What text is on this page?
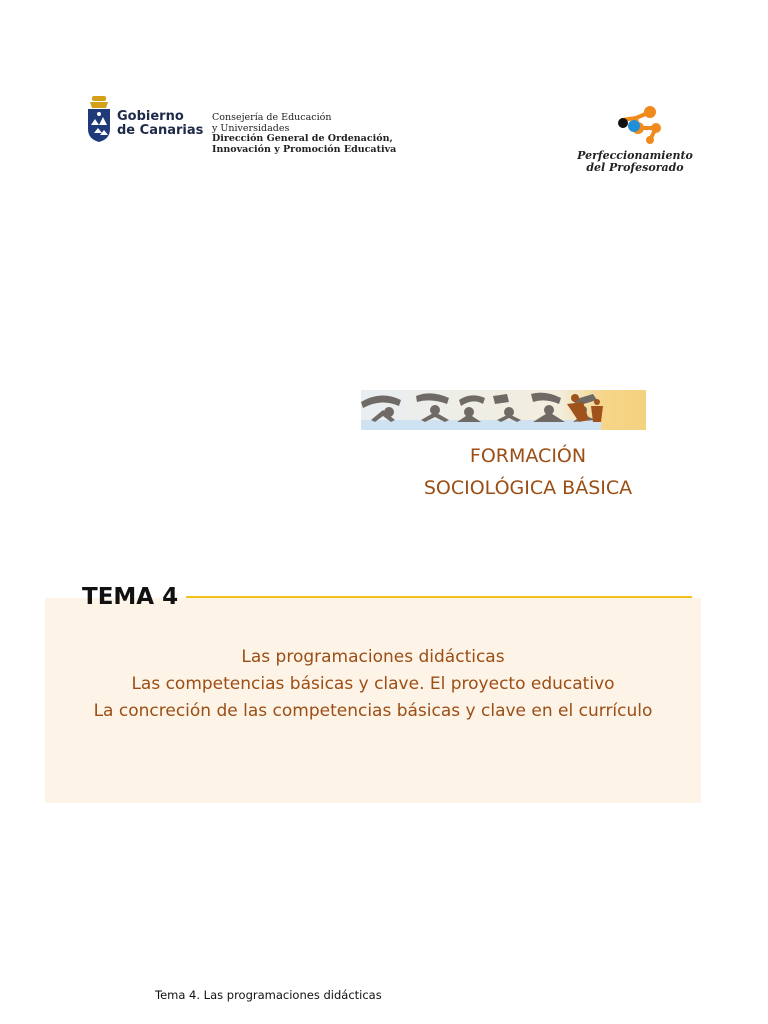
Gobierno
de Canarias
Consejería de Educación
y Universidades
Dirección General de Ordenación,
Innovación y Promoción Educativa	Perfeccionamiento
del Profesorado
FORMACIÓN
SOCIOLÓGICA BÁSICA
TEMA 4
Las programaciones didácticas
Las competencias básicas y clave. El proyecto educativo
La concreción de las competencias básicas y clave en el currículo
Tema 4. Las programaciones didácticas
